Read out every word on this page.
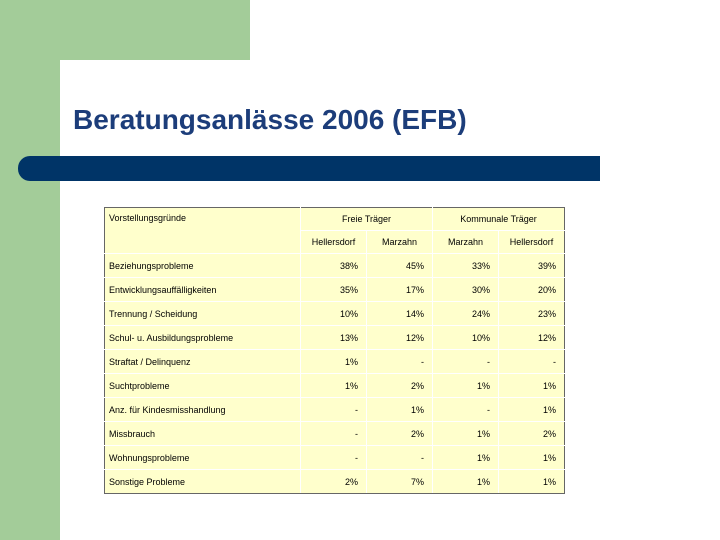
Beratungsanlässe 2006 (EFB)
Vorstellungsgründe	Freie Träger		Kommunale Träger	
	Hellersdorf	Marzahn	Marzahn	Hellersdorf
Beziehungsprobleme	38%	45%	33%	39%
Entwicklungsauffälligkeiten	35%	17%	30%	20%
Trennung / Scheidung	10%	14%	24%	23%
Schul- u. Ausbildungsprobleme	13%	12%	10%	12%
Straftat / Delinquenz	1%	-	-	-
Suchtprobleme	1%	2%	1%	1%
Anz. für Kindesmisshandlung	-	1%	-	1%
Missbrauch	-	2%	1%	2%
Wohnungsprobleme	-	-	1%	1%
Sonstige Probleme	2%	7%	1%	1%
